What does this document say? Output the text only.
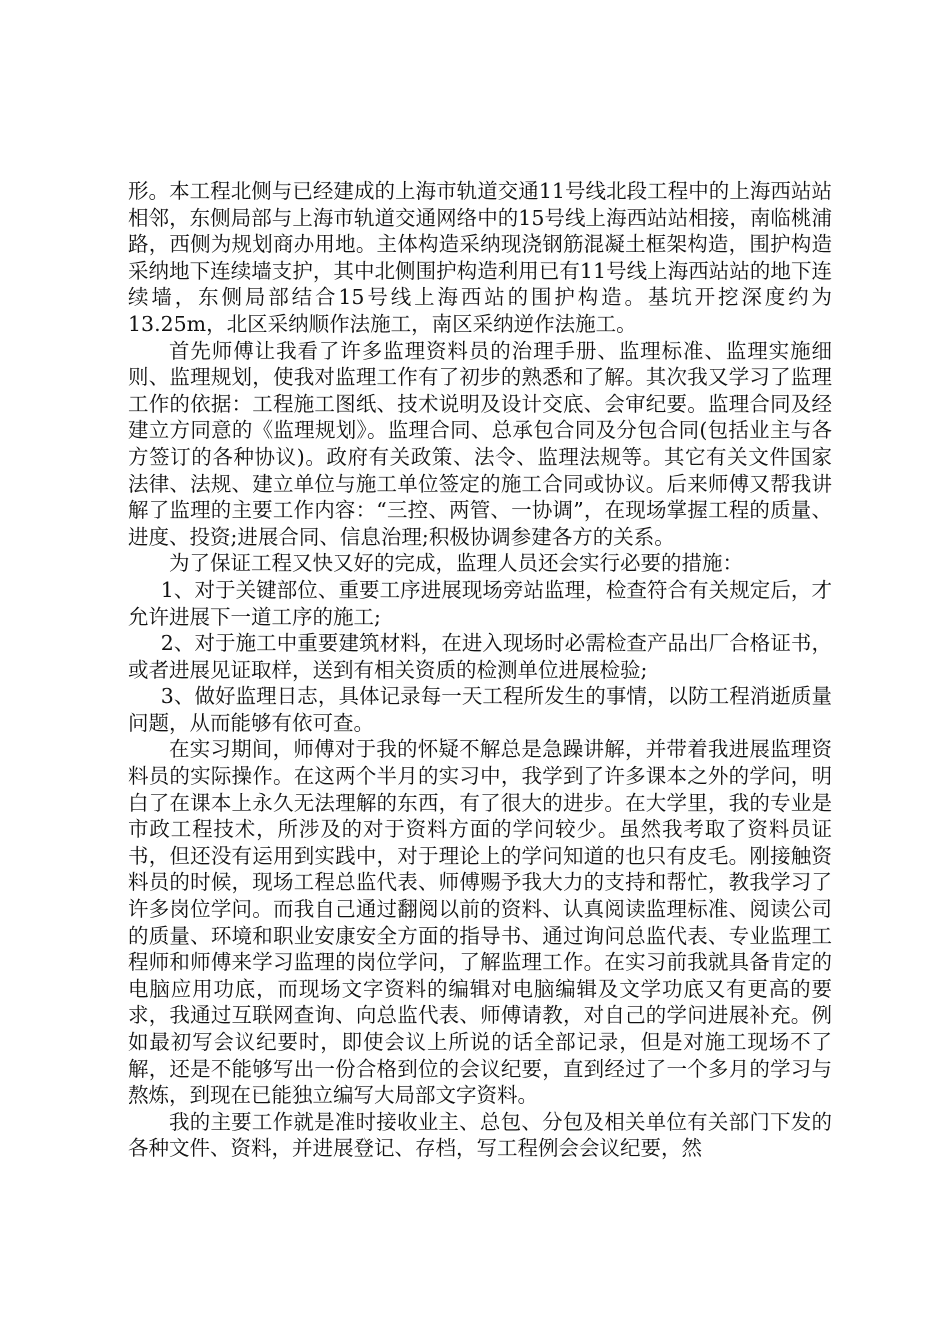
形。本工程北侧与已经建成的上海市轨道交通11号线北段工程中的上海西站站相邻，东侧局部与上海市轨道交通网络中的15号线上海西站站相接，南临桃浦路，西侧为规划商办用地。主体构造采纳现浇钢筋混凝土框架构造，围护构造采纳地下连续墙支护，其中北侧围护构造利用已有11号线上海西站站的地下连续墙，东侧局部结合15号线上海西站的围护构造。基坑开挖深度约为13.25m，北区采纳顺作法施工，南区采纳逆作法施工。

首先师傅让我看了许多监理资料员的治理手册、监理标准、监理实施细则、监理规划，使我对监理工作有了初步的熟悉和了解。其次我又学习了监理工作的依据：工程施工图纸、技术说明及设计交底、会审纪要。监理合同及经建立方同意的《监理规划》。监理合同、总承包合同及分包合同(包括业主与各方签订的各种协议)。政府有关政策、法令、监理法规等。其它有关文件国家法律、法规、建立单位与施工单位签定的施工合同或协议。后来师傅又帮我讲解了监理的主要工作内容：“三控、两管、一协调”，在现场掌握工程的质量、进度、投资;进展合同、信息治理;积极协调参建各方的关系。

为了保证工程又快又好的完成，监理人员还会实行必要的措施：

1、对于关键部位、重要工序进展现场旁站监理，检查符合有关规定后，才允许进展下一道工序的施工;

2、对于施工中重要建筑材料，在进入现场时必需检查产品出厂合格证书，或者进展见证取样，送到有相关资质的检测单位进展检验;

3、做好监理日志，具体记录每一天工程所发生的事情，以防工程消逝质量问题，从而能够有依可查。

在实习期间，师傅对于我的怀疑不解总是急躁讲解，并带着我进展监理资料员的实际操作。在这两个半月的实习中，我学到了许多课本之外的学问，明白了在课本上永久无法理解的东西，有了很大的进步。在大学里，我的专业是市政工程技术，所涉及的对于资料方面的学问较少。虽然我考取了资料员证书，但还没有运用到实践中，对于理论上的学问知道的也只有皮毛。刚接触资料员的时候，现场工程总监代表、师傅赐予我大力的支持和帮忙，教我学习了许多岗位学问。而我自己通过翻阅以前的资料、认真阅读监理标准、阅读公司的质量、环境和职业安康安全方面的指导书、通过询问总监代表、专业监理工程师和师傅来学习监理的岗位学问，了解监理工作。在实习前我就具备肯定的电脑应用功底，而现场文字资料的编辑对电脑编辑及文学功底又有更高的要求，我通过互联网查询、向总监代表、师傅请教，对自己的学问进展补充。例如最初写会议纪要时，即使会议上所说的话全部记录，但是对施工现场不了解，还是不能够写出一份合格到位的会议纪要，直到经过了一个多月的学习与熬炼，到现在已能独立编写大局部文字资料。

我的主要工作就是准时接收业主、总包、分包及相关单位有关部门下发的各种文件、资料，并进展登记、存档，写工程例会会议纪要，然
